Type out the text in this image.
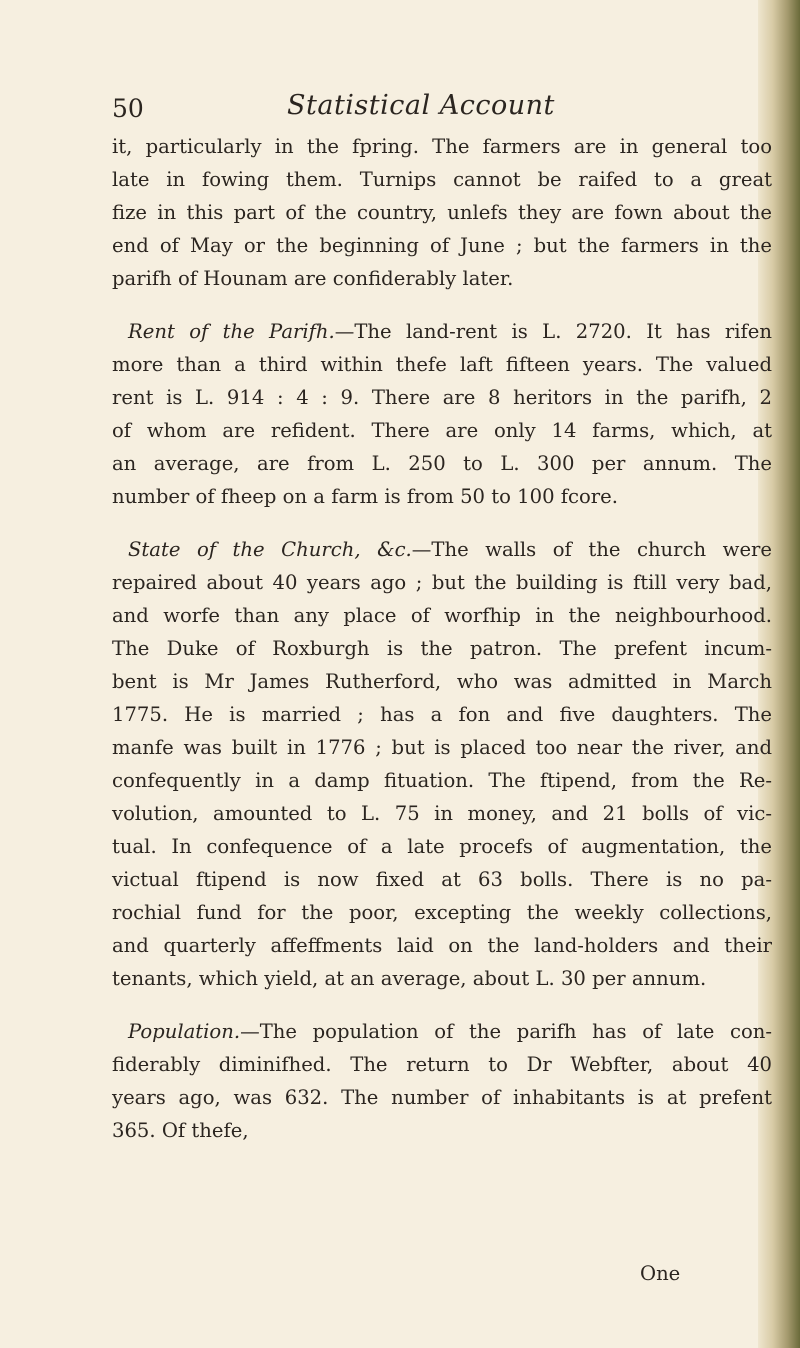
50	Statistical Account
it, particularly in the fpring. The farmers are in general too
late in fowing them. Turnips cannot be raifed to a great
fize in this part of the country, unlefs they are fown about the
end of May or the beginning of June ; but the farmers in the
parifh of Hounam are confiderably later.
Rent of the Parifh.—The land-rent is L. 2720. It has rifen
more than a third within thefe laft fifteen years. The valued
rent is L. 914 : 4 : 9. There are 8 heritors in the parifh, 2
of whom are refident. There are only 14 farms, which, at
an average, are from L. 250 to L. 300 per annum. The
number of fheep on a farm is from 50 to 100 fcore.
State of the Church, &c.—The walls of the church were
repaired about 40 years ago ; but the building is ftill very bad,
and worfe than any place of worfhip in the neighbourhood.
The Duke of Roxburgh is the patron. The prefent incum-
bent is Mr James Rutherford, who was admitted in March
1775. He is married ; has a fon and five daughters. The
manfe was built in 1776 ; but is placed too near the river, and
confequently in a damp fituation. The ftipend, from the Re-
volution, amounted to L. 75 in money, and 21 bolls of vic-
tual. In confequence of a late procefs of augmentation, the
victual ftipend is now fixed at 63 bolls. There is no pa-
rochial fund for the poor, excepting the weekly collections,
and quarterly affeffments laid on the land-holders and their
tenants, which yield, at an average, about L. 30 per annum.
Population.—The population of the parifh has of late con-
fiderably diminifhed. The return to Dr Webfter, about 40
years ago, was 632. The number of inhabitants is at prefent
365. Of thefe,
One
